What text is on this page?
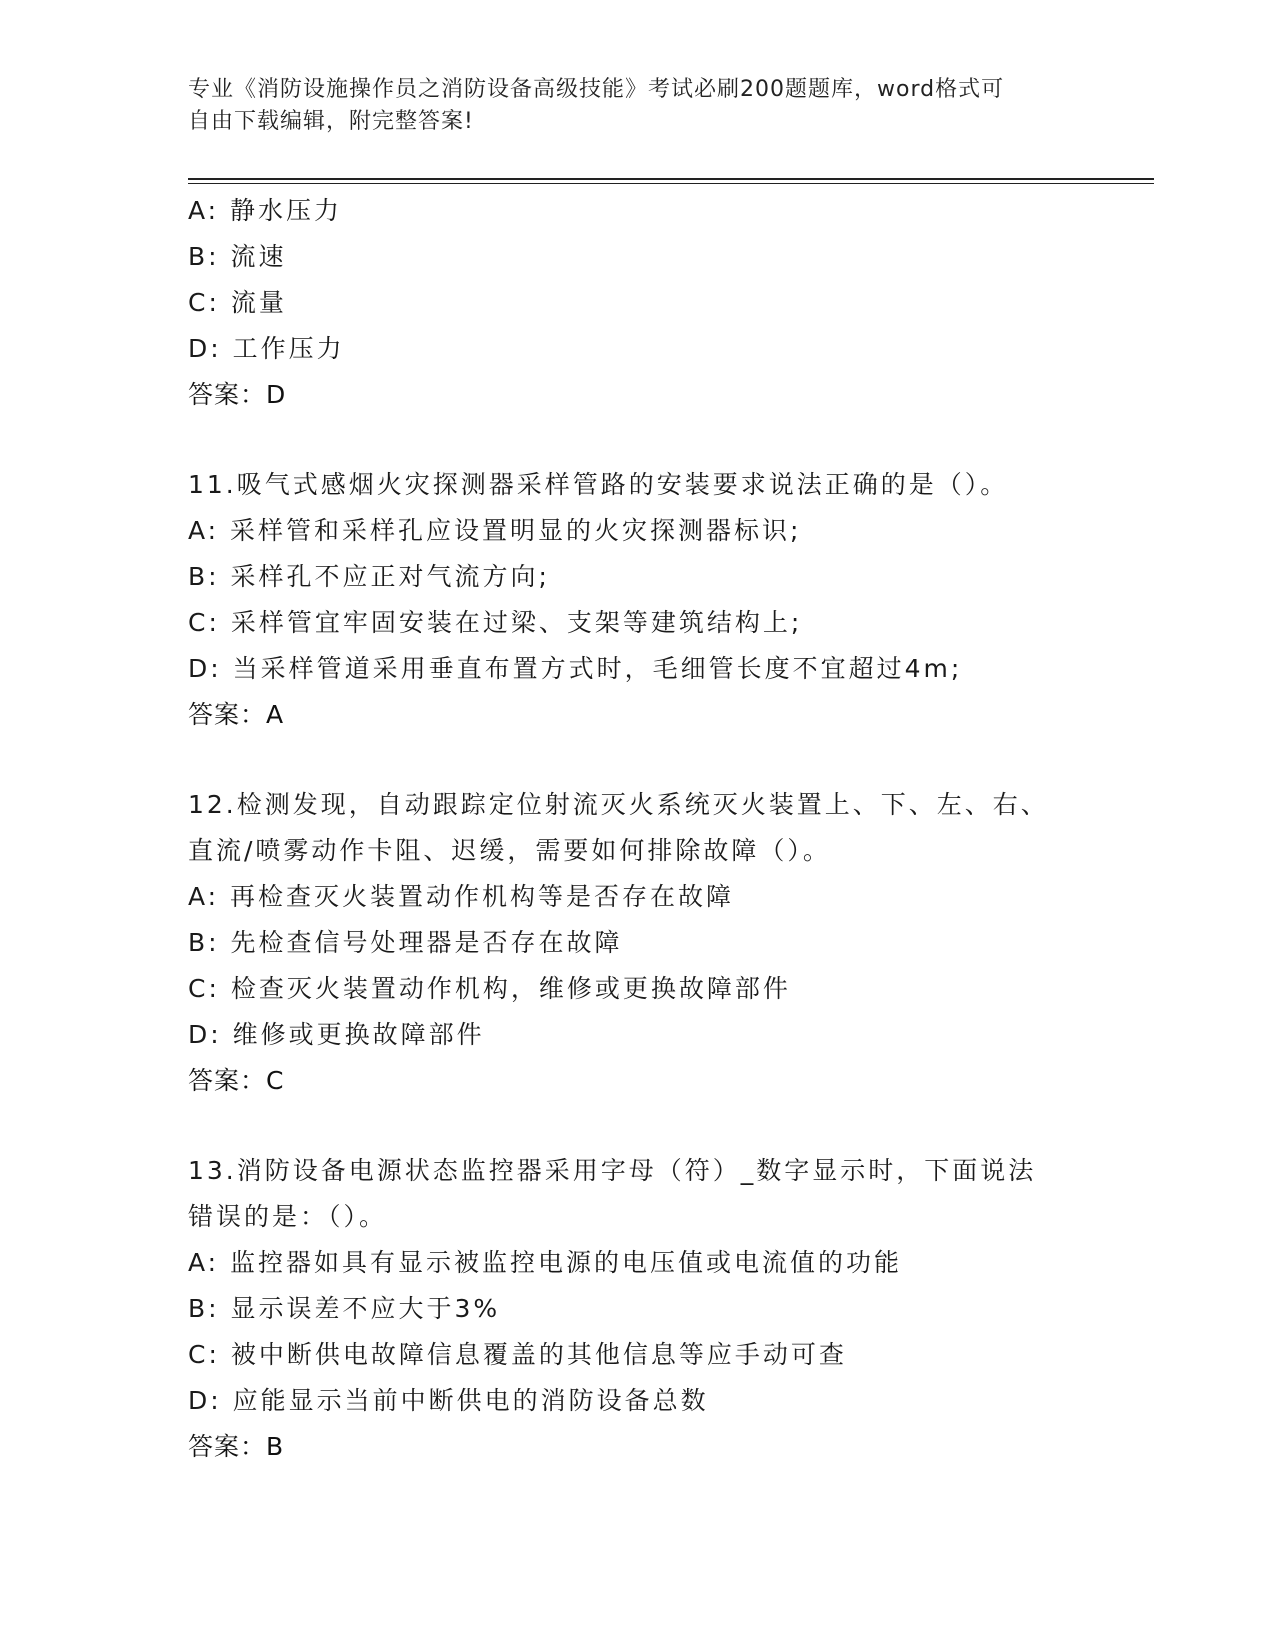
专业《消防设施操作员之消防设备高级技能》考试必刷200题题库，word格式可
自由下载编辑，附完整答案!
A: 静水压力
B: 流速
C: 流量
D: 工作压力
答案：D
11.吸气式感烟火灾探测器采样管路的安装要求说法正确的是（）。
A: 采样管和采样孔应设置明显的火灾探测器标识;
B: 采样孔不应正对气流方向;
C: 采样管宜牢固安装在过梁、支架等建筑结构上;
D: 当采样管道采用垂直布置方式时，毛细管长度不宜超过4m;
答案：A
12.检测发现，自动跟踪定位射流灭火系统灭火装置上、下、左、右、
直流/喷雾动作卡阻、迟缓，需要如何排除故障（）。
A: 再检查灭火装置动作机构等是否存在故障
B: 先检查信号处理器是否存在故障
C: 检查灭火装置动作机构，维修或更换故障部件
D: 维修或更换故障部件
答案：C
13.消防设备电源状态监控器采用字母（符）_数字显示时，下面说法
错误的是：（）。
A: 监控器如具有显示被监控电源的电压值或电流值的功能
B: 显示误差不应大于3%
C: 被中断供电故障信息覆盖的其他信息等应手动可查
D: 应能显示当前中断供电的消防设备总数
答案：B
